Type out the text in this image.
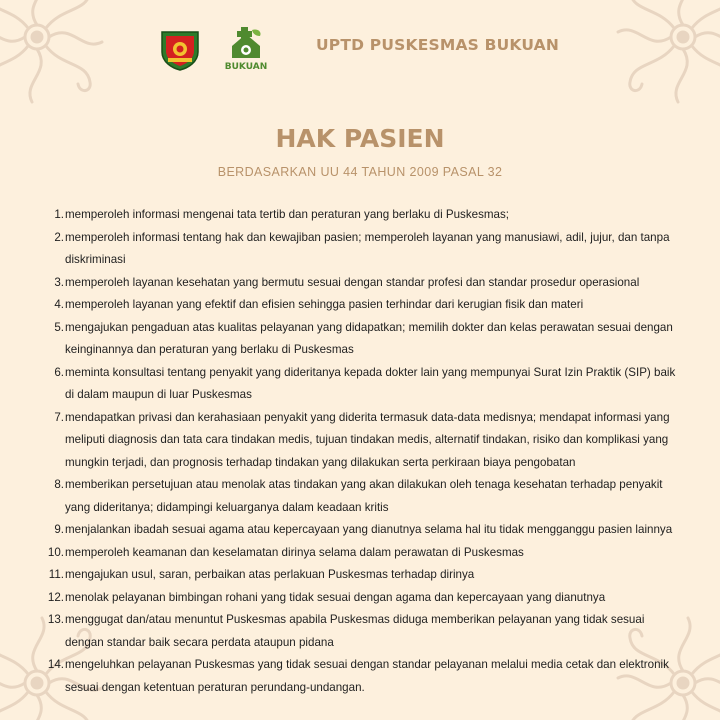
BUKUAN
UPTD PUSKESMAS BUKUAN
HAK PASIEN
BERDASARKAN UU 44 TAHUN 2009 PASAL 32
1. memperoleh informasi mengenai tata tertib dan peraturan yang berlaku di Puskesmas;
2. memperoleh informasi tentang hak dan kewajiban pasien; memperoleh layanan yang manusiawi, adil, jujur, dan tanpa diskriminasi
3. memperoleh layanan kesehatan yang bermutu sesuai dengan standar profesi dan standar prosedur operasional
4. memperoleh layanan yang efektif dan efisien sehingga pasien terhindar dari kerugian fisik dan materi
5. mengajukan pengaduan atas kualitas pelayanan yang didapatkan; memilih dokter dan kelas perawatan sesuai dengan keinginannya dan peraturan yang berlaku di Puskesmas
6. meminta konsultasi tentang penyakit yang dideritanya kepada dokter lain yang mempunyai Surat Izin Praktik (SIP) baik di dalam maupun di luar Puskesmas
7. mendapatkan privasi dan kerahasiaan penyakit yang diderita termasuk data-data medisnya; mendapat informasi yang meliputi diagnosis dan tata cara tindakan medis, tujuan tindakan medis, alternatif tindakan, risiko dan komplikasi yang mungkin terjadi, dan prognosis terhadap tindakan yang dilakukan serta perkiraan biaya pengobatan
8. memberikan persetujuan atau menolak atas tindakan yang akan dilakukan oleh tenaga kesehatan terhadap penyakit yang dideritanya; didampingi keluarganya dalam keadaan kritis
9. menjalankan ibadah sesuai agama atau kepercayaan yang dianutnya selama hal itu tidak mengganggu pasien lainnya
10. memperoleh keamanan dan keselamatan dirinya selama dalam perawatan di Puskesmas
11. mengajukan usul, saran, perbaikan atas perlakuan Puskesmas terhadap dirinya
12. menolak pelayanan bimbingan rohani yang tidak sesuai dengan agama dan kepercayaan yang dianutnya
13. menggugat dan/atau menuntut Puskesmas apabila Puskesmas diduga memberikan pelayanan yang tidak sesuai dengan standar baik secara perdata ataupun pidana
14. mengeluhkan pelayanan Puskesmas yang tidak sesuai dengan standar pelayanan melalui media cetak dan elektronik sesuai dengan ketentuan peraturan perundang-undangan.
